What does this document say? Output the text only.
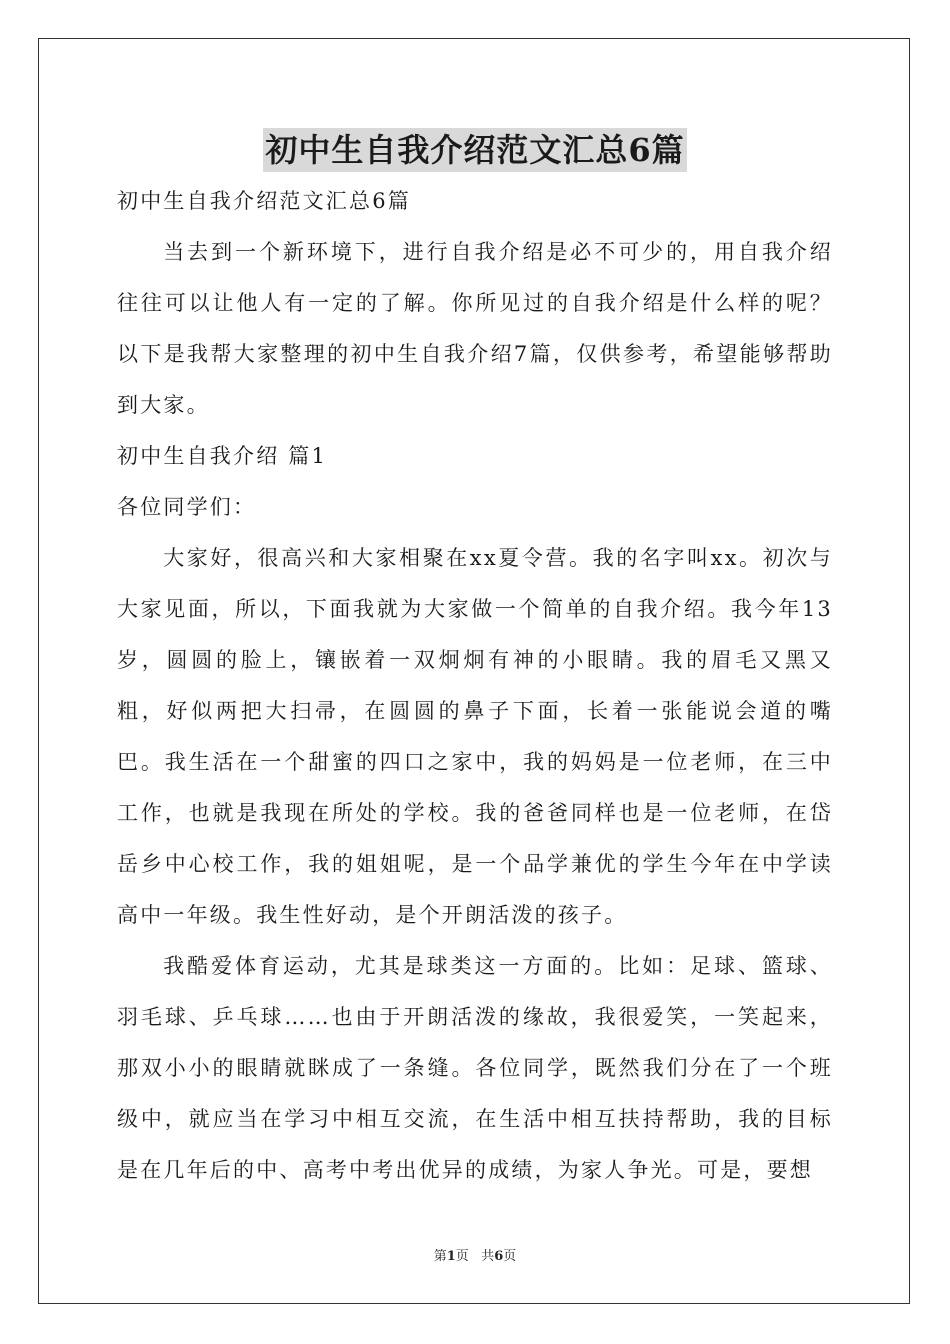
初中生自我介绍范文汇总6篇

初中生自我介绍范文汇总6篇

当去到一个新环境下，进行自我介绍是必不可少的，用自我介绍往往可以让他人有一定的了解。你所见过的自我介绍是什么样的呢？以下是我帮大家整理的初中生自我介绍7篇，仅供参考，希望能够帮助到大家。

初中生自我介绍 篇1

各位同学们：

大家好，很高兴和大家相聚在xx夏令营。我的名字叫xx。初次与大家见面，所以，下面我就为大家做一个简单的自我介绍。我今年13岁，圆圆的脸上，镶嵌着一双炯炯有神的小眼睛。我的眉毛又黑又粗，好似两把大扫帚，在圆圆的鼻子下面，长着一张能说会道的嘴巴。我生活在一个甜蜜的四口之家中，我的妈妈是一位老师，在三中工作，也就是我现在所处的学校。我的爸爸同样也是一位老师，在岱岳乡中心校工作，我的姐姐呢，是一个品学兼优的学生今年在中学读高中一年级。我生性好动，是个开朗活泼的孩子。

我酷爱体育运动，尤其是球类这一方面的。比如：足球、篮球、羽毛球、乒乓球……也由于开朗活泼的缘故，我很爱笑，一笑起来，那双小小的眼睛就眯成了一条缝。各位同学，既然我们分在了一个班级中，就应当在学习中相互交流，在生活中相互扶持帮助，我的目标是在几年后的中、高考中考出优异的成绩，为家人争光。可是，要想

第1页 共6页
